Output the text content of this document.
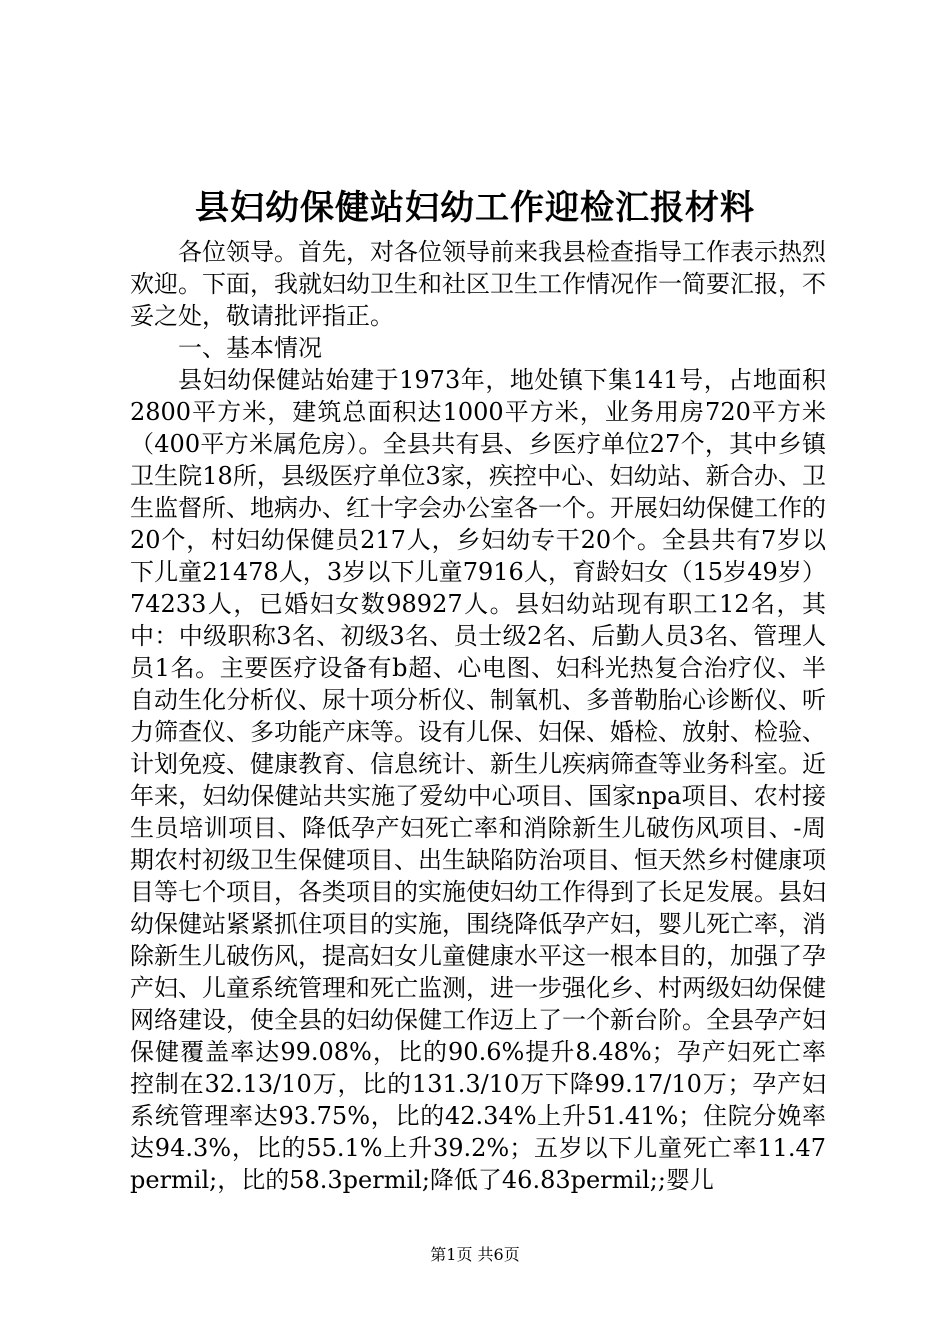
县妇幼保健站妇幼工作迎检汇报材料

各位领导。首先，对各位领导前来我县检查指导工作表示热烈欢迎。下面，我就妇幼卫生和社区卫生工作情况作一简要汇报，不妥之处，敬请批评指正。

一、基本情况

县妇幼保健站始建于1973年，地处镇下集141号，占地面积2800平方米，建筑总面积达1000平方米，业务用房720平方米（400平方米属危房）。全县共有县、乡医疗单位27个，其中乡镇卫生院18所，县级医疗单位3家，疾控中心、妇幼站、新合办、卫生监督所、地病办、红十字会办公室各一个。开展妇幼保健工作的20个，村妇幼保健员217人，乡妇幼专干20个。全县共有7岁以下儿童21478人，3岁以下儿童7916人，育龄妇女（15岁49岁）74233人，已婚妇女数98927人。县妇幼站现有职工12名，其中：中级职称3名、初级3名、员士级2名、后勤人员3名、管理人员1名。主要医疗设备有b超、心电图、妇科光热复合治疗仪、半自动生化分析仪、尿十项分析仪、制氧机、多普勒胎心诊断仪、听力筛查仪、多功能产床等。设有儿保、妇保、婚检、放射、检验、计划免疫、健康教育、信息统计、新生儿疾病筛查等业务科室。近年来，妇幼保健站共实施了爱幼中心项目、国家npa项目、农村接生员培训项目、降低孕产妇死亡率和消除新生儿破伤风项目、-周期农村初级卫生保健项目、出生缺陷防治项目、恒天然乡村健康项目等七个项目，各类项目的实施使妇幼工作得到了长足发展。县妇幼保健站紧紧抓住项目的实施，围绕降低孕产妇，婴儿死亡率，消除新生儿破伤风，提高妇女儿童健康水平这一根本目的，加强了孕产妇、儿童系统管理和死亡监测，进一步强化乡、村两级妇幼保健网络建设，使全县的妇幼保健工作迈上了一个新台阶。全县孕产妇保健覆盖率达99.08%，比的90.6%提升8.48%；孕产妇死亡率控制在32.13/10万，比的131.3/10万下降99.17/10万；孕产妇系统管理率达93.75%，比的42.34%上升51.41%；住院分娩率达94.3%，比的55.1%上升39.2%；五岁以下儿童死亡率11.47permil;，比的58.3permil;降低了46.83permil;;婴儿

第1页 共6页
